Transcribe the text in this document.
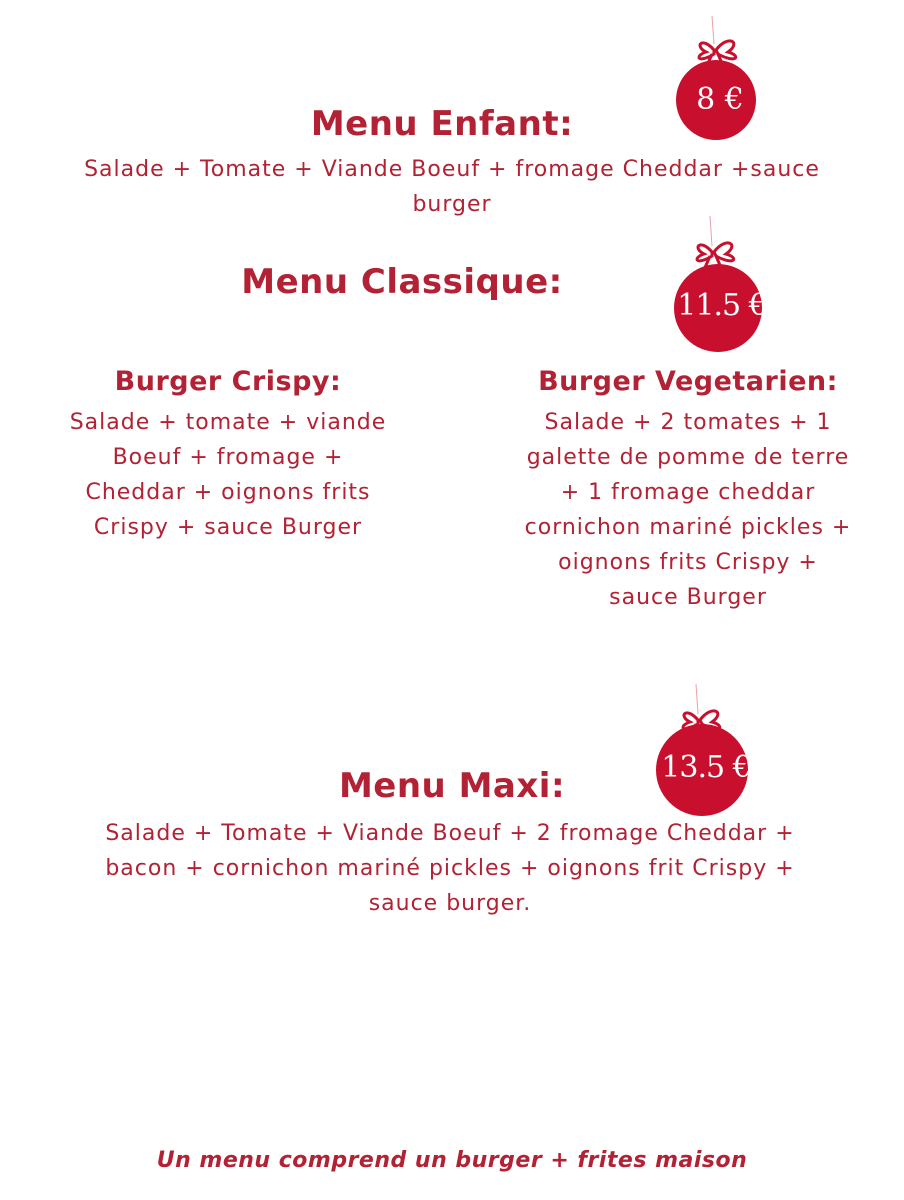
8 €
11.5 €
13.5 €
Menu Enfant:
Salade + Tomate + Viande Boeuf + fromage Cheddar +sauce
burger
Menu Classique:
Burger Crispy:
Salade + tomate + viande
Boeuf + fromage +
Cheddar + oignons frits
Crispy + sauce Burger
Burger Vegetarien:
Salade + 2 tomates + 1
galette de pomme de terre
+ 1 fromage cheddar
cornichon mariné pickles +
oignons frits Crispy +
sauce Burger
Menu Maxi:
Salade + Tomate + Viande Boeuf + 2 fromage Cheddar +
bacon + cornichon mariné pickles + oignons frit Crispy +
sauce burger.
Un menu comprend un burger + frites maison
